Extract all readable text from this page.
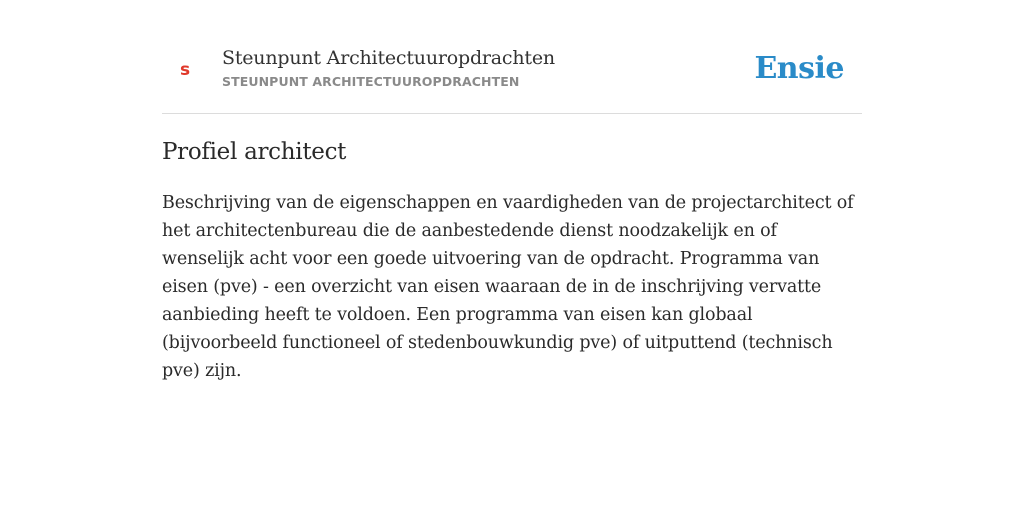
s
Steunpunt Architectuuropdrachten
STEUNPUNT ARCHITECTUUROPDRACHTEN	Ensie
Profiel architect

Beschrijving van de eigenschappen en vaardigheden van de projectarchitect of het architectenbureau die de aanbestedende dienst noodzakelijk en of wenselijk acht voor een goede uitvoering van de opdracht. Programma van eisen (pve) - een overzicht van eisen waaraan de in de inschrijving vervatte aanbieding heeft te voldoen. Een programma van eisen kan globaal (bijvoorbeeld functioneel of stedenbouwkundig pve) of uitputtend (technisch pve) zijn.
